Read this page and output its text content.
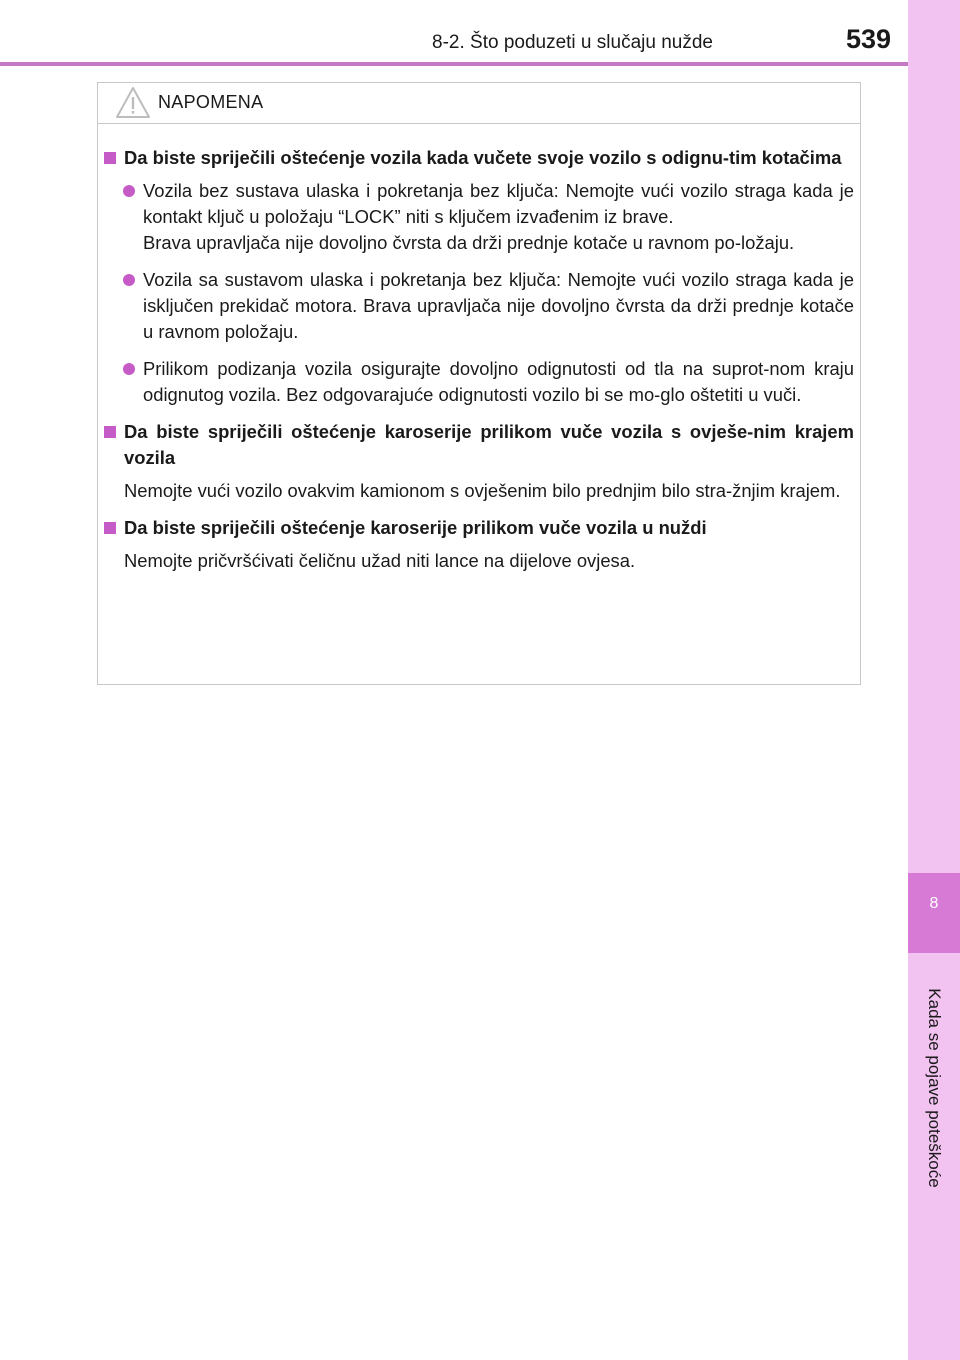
8
Kada se pojave poteškoće
8-2. Što poduzeti u slučaju nužde	539
NAPOMENA
Da biste spriječili oštećenje vozila kada vučete svoje vozilo s odignu-tim kotačima

Vozila bez sustava ulaska i pokretanja bez ključa: Nemojte vući vozilo straga kada je kontakt ključ u položaju “LOCK” niti s ključem izvađenim iz brave.

Brava upravljača nije dovoljno čvrsta da drži prednje kotače u ravnom po-ložaju.

Vozila sa sustavom ulaska i pokretanja bez ključa: Nemojte vući vozilo straga kada je isključen prekidač motora. Brava upravljača nije dovoljno čvrsta da drži prednje kotače u ravnom položaju.

Prilikom podizanja vozila osigurajte dovoljno odignutosti od tla na suprot-nom kraju odignutog vozila. Bez odgovarajuće odignutosti vozilo bi se mo-glo oštetiti u vuči.

Da biste spriječili oštećenje karoserije prilikom vuče vozila s ovješe-nim krajem vozila
Nemojte vući vozilo ovakvim kamionom s ovješenim bilo prednjim bilo stra-žnjim krajem.
Da biste spriječili oštećenje karoserije prilikom vuče vozila u nuždi
Nemojte pričvršćivati čeličnu užad niti lance na dijelove ovjesa.
